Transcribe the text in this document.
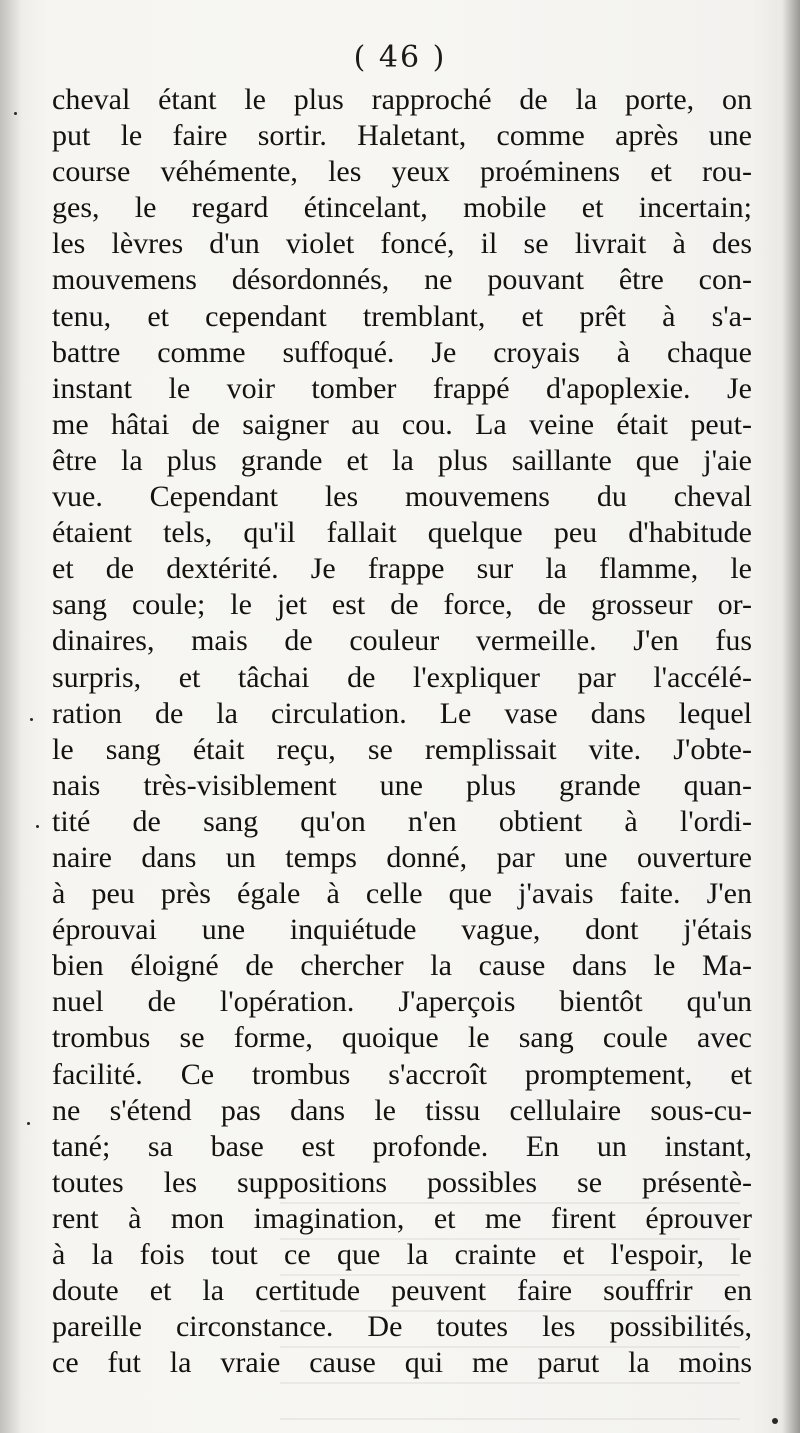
( 46 )
cheval étant le plus rapproché de la porte, on
put le faire sortir. Haletant, comme après une
course véhémente, les yeux proéminens et rou-
ges, le regard étincelant, mobile et incertain;
les lèvres d'un violet foncé, il se livrait à des
mouvemens désordonnés, ne pouvant être con-
tenu, et cependant tremblant, et prêt à s'a-
battre comme suffoqué. Je croyais à chaque
instant le voir tomber frappé d'apoplexie. Je
me hâtai de saigner au cou. La veine était peut-
être la plus grande et la plus saillante que j'aie
vue. Cependant les mouvemens du cheval
étaient tels, qu'il fallait quelque peu d'habitude
et de dextérité. Je frappe sur la flamme, le
sang coule; le jet est de force, de grosseur or-
dinaires, mais de couleur vermeille. J'en fus
surpris, et tâchai de l'expliquer par l'accélé-
ration de la circulation. Le vase dans lequel
le sang était reçu, se remplissait vite. J'obte-
nais très-visiblement une plus grande quan-
tité de sang qu'on n'en obtient à l'ordi-
naire dans un temps donné, par une ouverture
à peu près égale à celle que j'avais faite. J'en
éprouvai une inquiétude vague, dont j'étais
bien éloigné de chercher la cause dans le Ma-
nuel de l'opération. J'aperçois bientôt qu'un
trombus se forme, quoique le sang coule avec
facilité. Ce trombus s'accroît promptement, et
ne s'étend pas dans le tissu cellulaire sous-cu-
tané; sa base est profonde. En un instant,
toutes les suppositions possibles se présentè-
rent à mon imagination, et me firent éprouver
à la fois tout ce que la crainte et l'espoir, le
doute et la certitude peuvent faire souffrir en
pareille circonstance. De toutes les possibilités,
ce fut la vraie cause qui me parut la moins
